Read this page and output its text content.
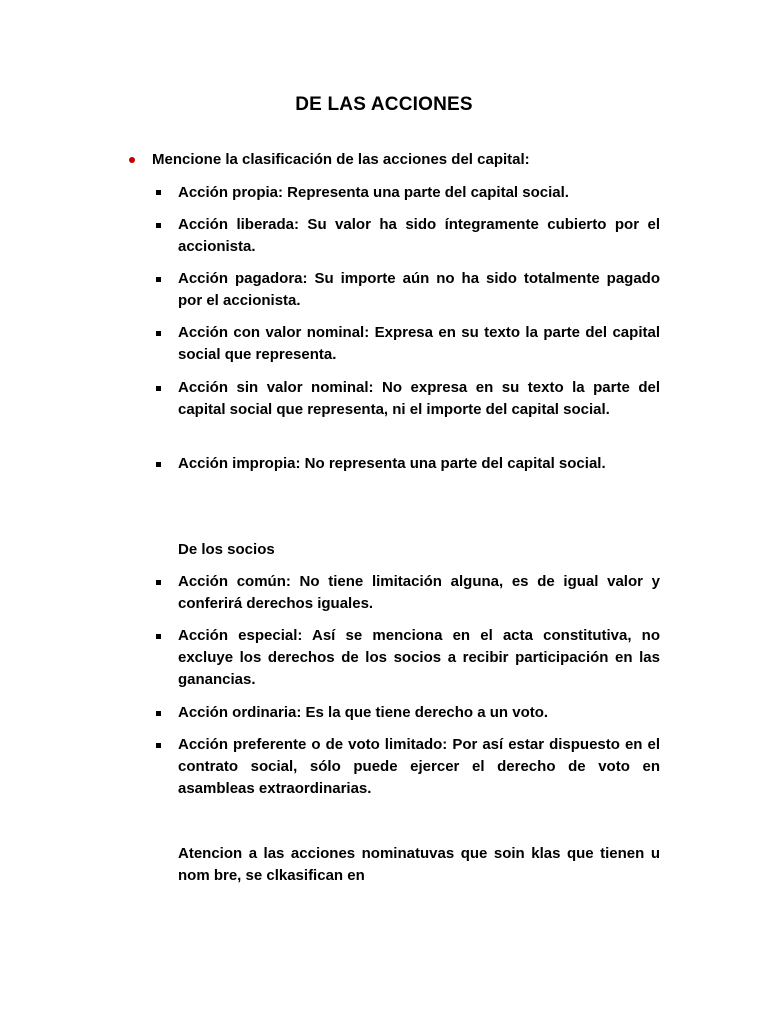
DE LAS ACCIONES
Mencione la clasificación de las acciones del capital:
Acción propia: Representa una parte del capital social.
Acción liberada: Su valor ha sido íntegramente cubierto por el accionista.
Acción pagadora: Su importe aún no ha sido totalmente pagado por el accionista.
Acción con valor nominal: Expresa en su texto la parte del capital social que representa.
Acción sin valor nominal: No expresa en su texto la parte del capital social que representa, ni el importe del capital social.
Acción impropia: No representa una parte del capital social.
De los socios
Acción común: No tiene limitación alguna, es de igual valor y conferirá derechos iguales.
Acción especial: Así se menciona en el acta constitutiva, no excluye los derechos de los socios a recibir participación en las ganancias.
Acción ordinaria: Es la que tiene derecho a un voto.
Acción preferente o de voto limitado: Por así estar dispuesto en el contrato social, sólo puede ejercer el derecho de voto en asambleas extraordinarias.
Atencion a las acciones nominatuvas que soin klas que tienen u nom bre, se clkasifican en
